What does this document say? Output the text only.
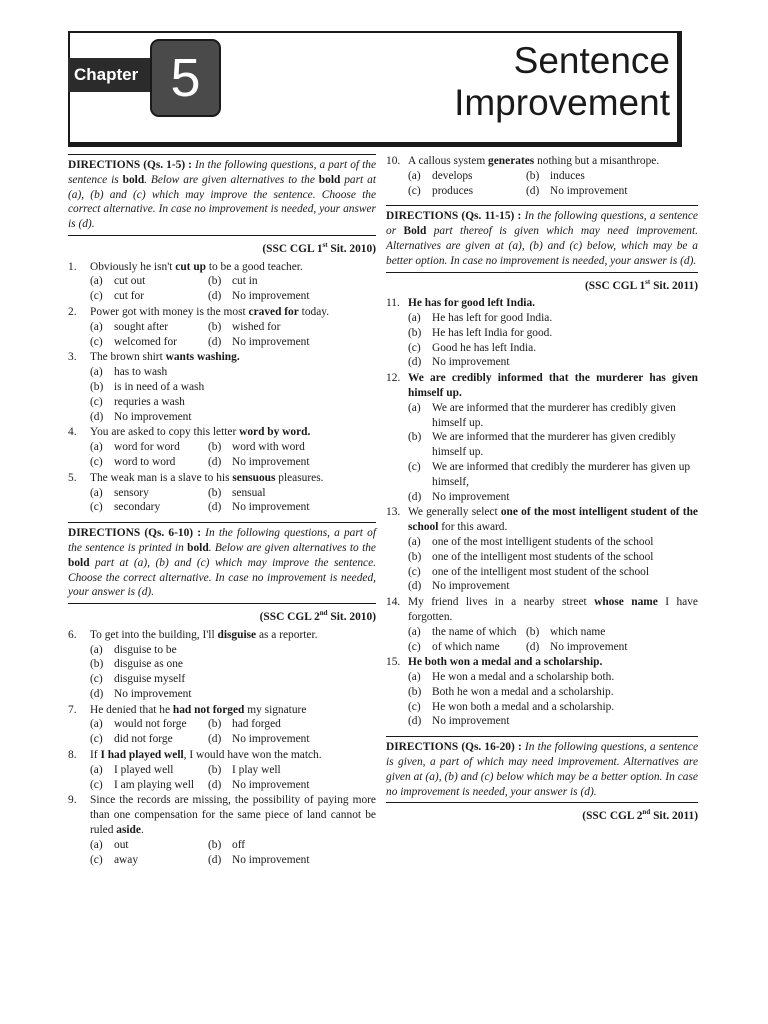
Chapter 5	Sentence
Improvement

DIRECTIONS (Qs. 1-5) : In the following questions, a part of the sentence is bold. Below are given alternatives to the bold part at (a), (b) and (c) which may improve the sentence. Choose the correct alternative. In case no improvement is needed, your answer is (d).

(SSC CGL 1st Sit. 2010)
1.	Obviously he isn't cut up to be a good teacher.
(a) cut out	(b) cut in
(c) cut for	(d) No improvement
2.	Power got with money is the most craved for today.
(a) sought after	(b) wished for
(c) welcomed for	(d) No improvement
3.	The brown shirt wants washing.
(a) has to wash
(b) is in need of a wash
(c) requries a wash
(d) No improvement
4.	You are asked to copy this letter word by word.
(a) word for word	(b) word with word
(c) word to word	(d) No improvement
5.	The weak man is a slave to his sensuous pleasures.
(a) sensory	(b) sensual
(c) secondary	(d) No improvement

DIRECTIONS (Qs. 6-10) : In the following questions, a part of the sentence is printed in bold. Below are given alternatives to the bold part at (a), (b) and (c) which may improve the sentence. Choose the correct alternative. In case no improvement is needed, your answer is (d).

(SSC CGL 2nd Sit. 2010)
6.	To get into the building, I'll disguise as a reporter.
(a) disguise to be
(b) disguise as one
(c) disguise myself
(d) No improvement
7.	He denied that he had not forged my signature
(a) would not forge	(b) had forged
(c) did not forge	(d) No improvement
8.	If I had played well, I would have won the match.
(a) I played well	(b) I play well
(c) I am playing well	(d) No improvement
9.	Since the records are missing, the possibility of paying more than one compensation for the same piece of land cannot be ruled aside.
(a) out	(b) off
(c) away	(d) No improvement
10. A callous system generates nothing but a misanthrope.
(a) develops	(b) induces
(c) produces	(d) No improvement

DIRECTIONS (Qs. 11-15) : In the following questions, a sentence or Bold part thereof is given which may need improvement. Alternatives are given at (a), (b) and (c) below, which may be a better option. In case no improvement is needed, your answer is (d).

(SSC CGL 1st Sit. 2011)
11. He has for good left India.
(a) He has left for good India.
(b) He has left India for good.
(c) Good he has left India.
(d) No improvement
12. We are credibly informed that the murderer has given himself up.
(a) We are informed that the murderer has credibly given himself up.
(b) We are informed that the murderer has given credibly himself up.
(c) We are informed that credibly the murderer has given up himself,
(d) No improvement
13. We generally select one of the most intelligent student of the school for this award.
(a) one of the most intelligent students of the school
(b) one of the intelligent most students of the school
(c) one of the intelligent most student of the school
(d) No improvement
14. My friend lives in a nearby street whose name I have forgotten.
(a) the name of which (b) which name
(c) of which name	(d) No improvement
15. He both won a medal and a scholarship.
(a) He won a medal and a scholarship both.
(b) Both he won a medal and a scholarship.
(c) He won both a medal and a scholarship.
(d) No improvement

DIRECTIONS (Qs. 16-20) : In the following questions, a sentence is given, a part of which may need improvement. Alternatives are given at (a), (b) and (c) below which may be a better option. In case no improvement is needed, your answer is (d).

(SSC CGL 2nd Sit. 2011)
